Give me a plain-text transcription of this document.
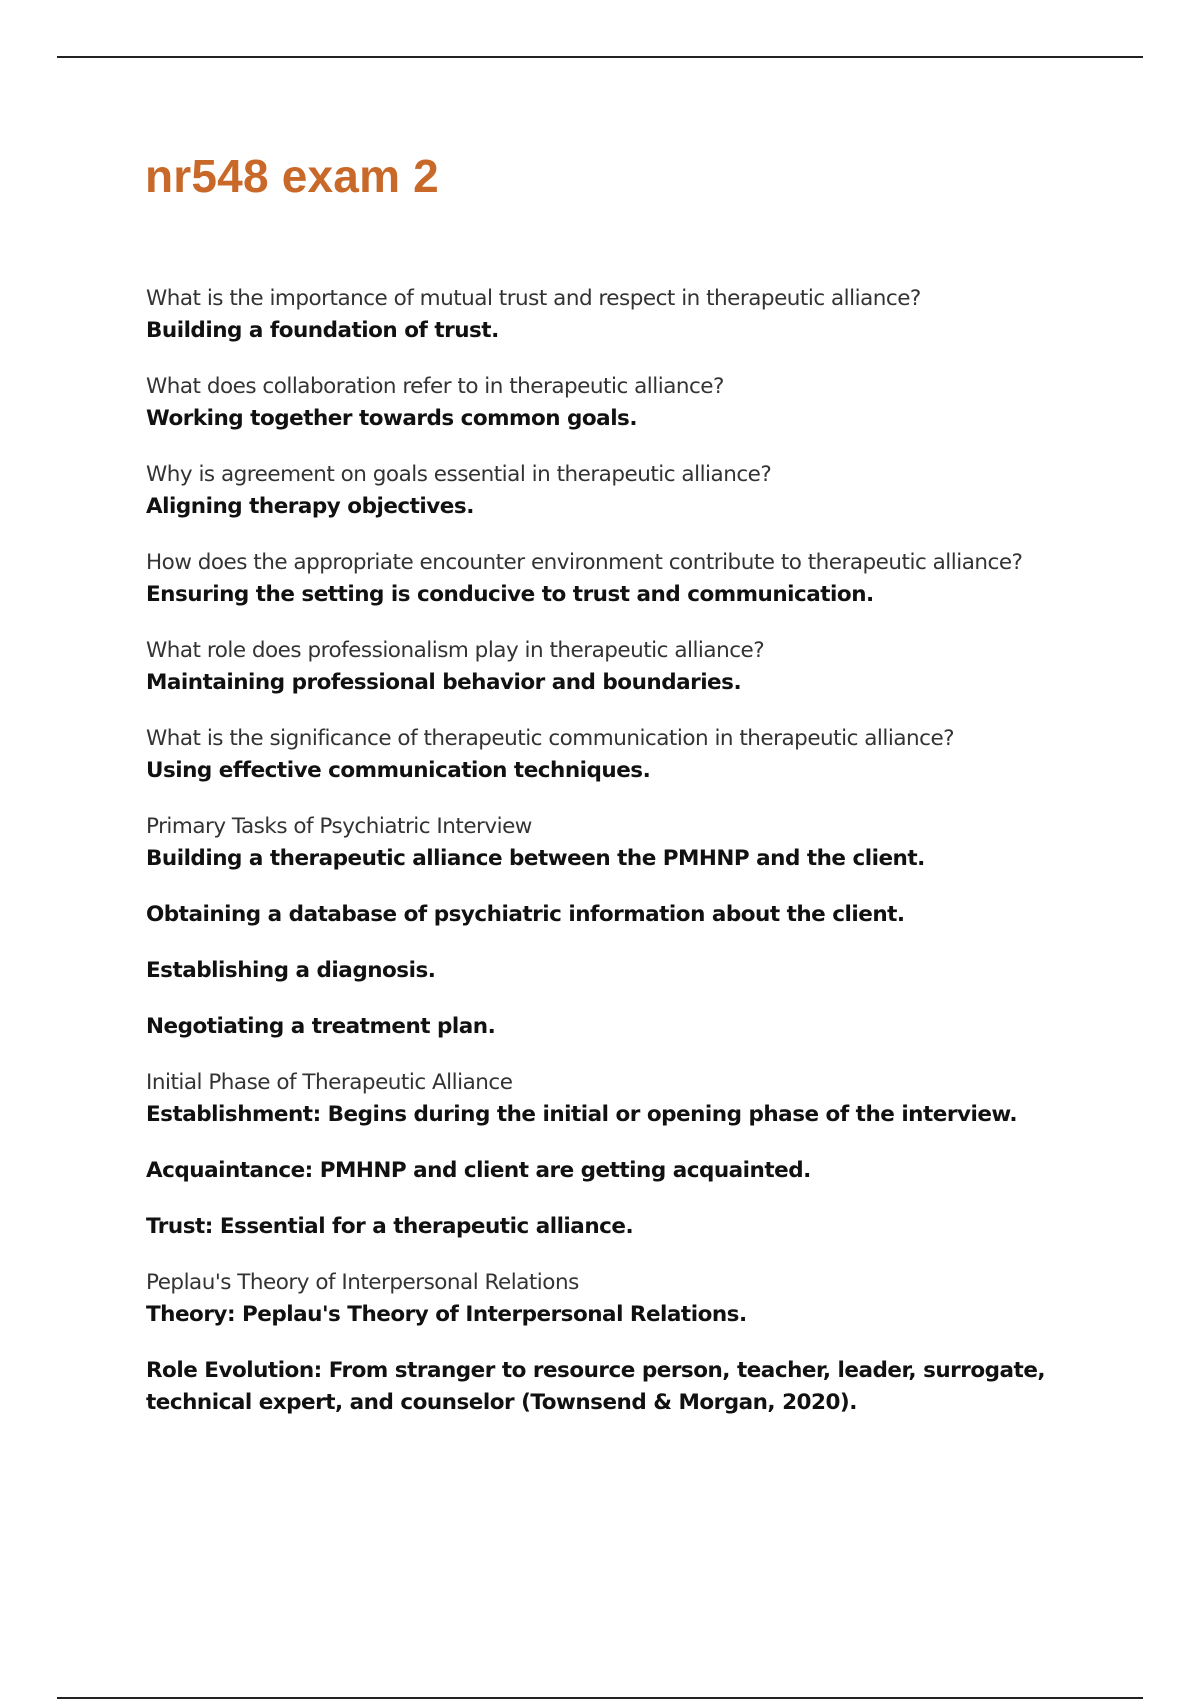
nr548 exam 2
What is the importance of mutual trust and respect in therapeutic alliance?
Building a foundation of trust.
What does collaboration refer to in therapeutic alliance?
Working together towards common goals.
Why is agreement on goals essential in therapeutic alliance?
Aligning therapy objectives.
How does the appropriate encounter environment contribute to therapeutic alliance?
Ensuring the setting is conducive to trust and communication.
What role does professionalism play in therapeutic alliance?
Maintaining professional behavior and boundaries.
What is the significance of therapeutic communication in therapeutic alliance?
Using effective communication techniques.
Primary Tasks of Psychiatric Interview
Building a therapeutic alliance between the PMHNP and the client.
Obtaining a database of psychiatric information about the client.
Establishing a diagnosis.
Negotiating a treatment plan.
Initial Phase of Therapeutic Alliance
Establishment: Begins during the initial or opening phase of the interview.
Acquaintance: PMHNP and client are getting acquainted.
Trust: Essential for a therapeutic alliance.
Peplau's Theory of Interpersonal Relations
Theory: Peplau's Theory of Interpersonal Relations.
Role Evolution: From stranger to resource person, teacher, leader, surrogate, technical expert, and counselor (Townsend & Morgan, 2020).
